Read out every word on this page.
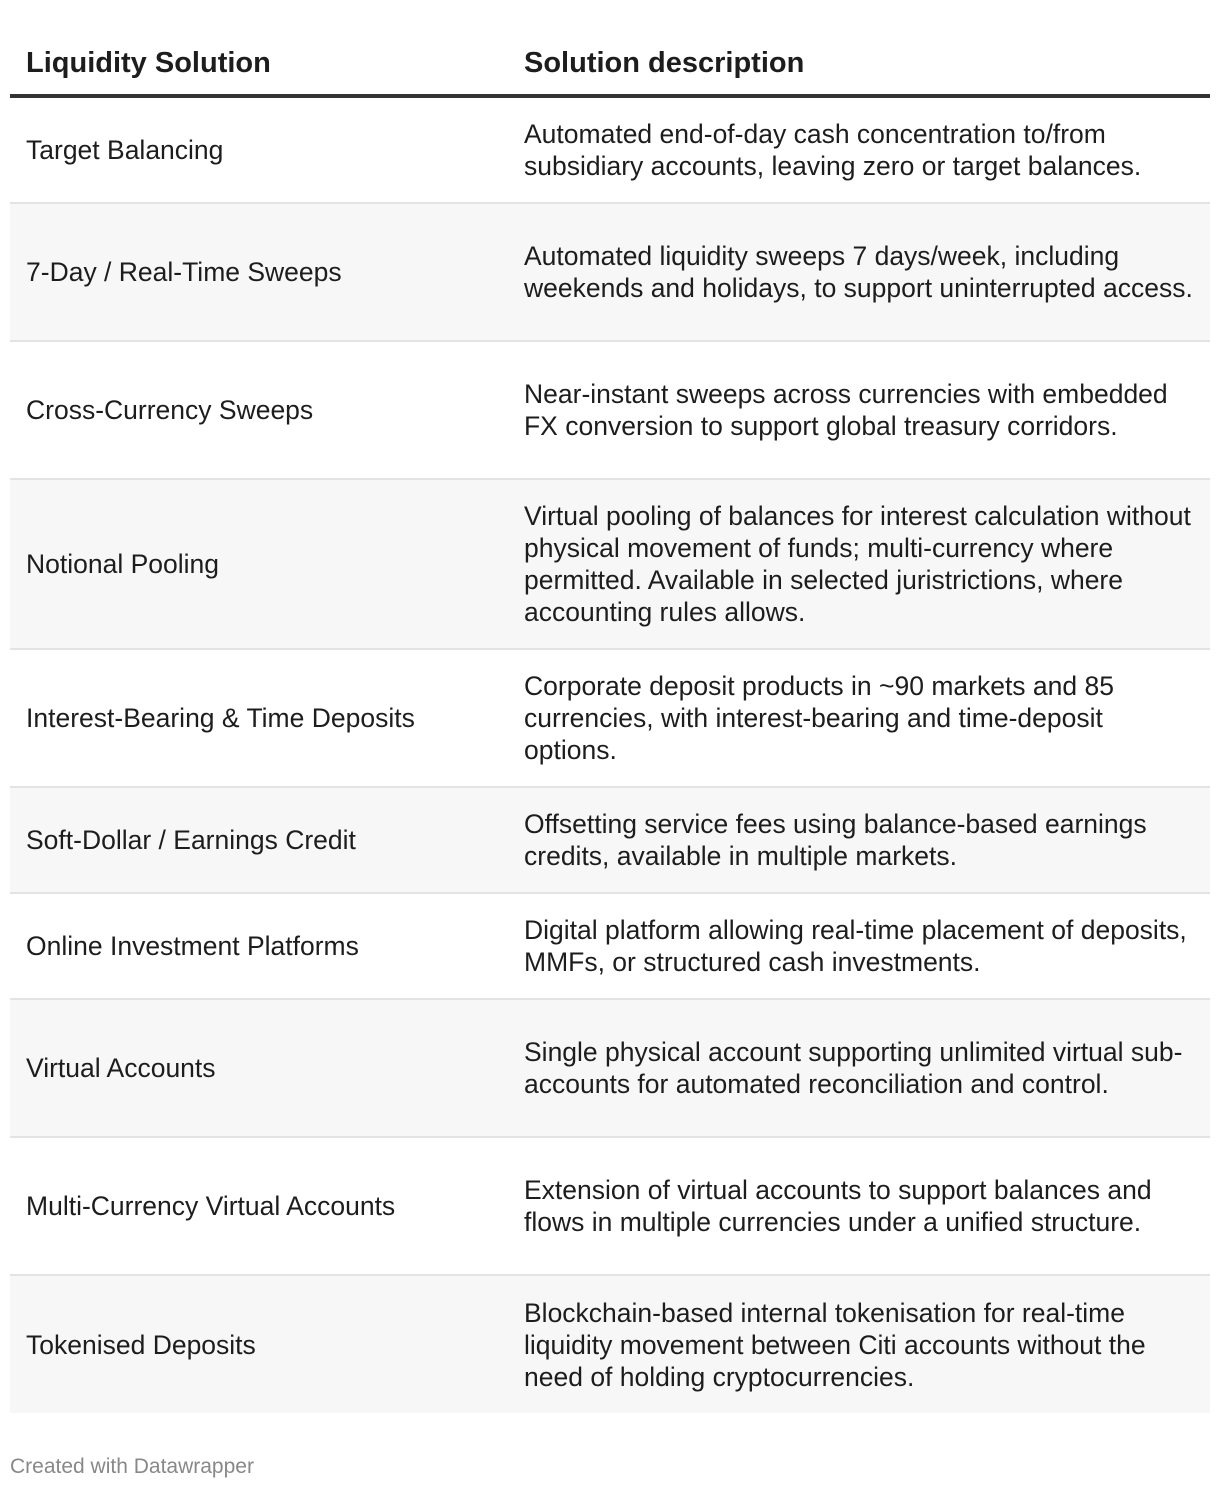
Liquidity Solution	Solution description
Target Balancing
Automated end-of-day cash concentration to/from subsidiary accounts, leaving zero or target balances.
7-Day / Real-Time Sweeps
Automated liquidity sweeps 7 days/week, including weekends and holidays, to support uninterrupted access.
Cross-Currency Sweeps
Near-instant sweeps across currencies with embedded FX conversion to support global treasury corridors.
Notional Pooling
Virtual pooling of balances for interest calculation without physical movement of funds; multi-currency where permitted. Available in selected juristrictions, where accounting rules allows.
Interest-Bearing & Time Deposits
Corporate deposit products in ~90 markets and 85 currencies, with interest-bearing and time-deposit options.
Soft-Dollar / Earnings Credit
Offsetting service fees using balance-based earnings credits, available in multiple markets.
Online Investment Platforms
Digital platform allowing real-time placement of deposits, MMFs, or structured cash investments.
Virtual Accounts
Single physical account supporting unlimited virtual sub-accounts for automated reconciliation and control.
Multi-Currency Virtual Accounts
Extension of virtual accounts to support balances and flows in multiple currencies under a unified structure.
Tokenised Deposits
Blockchain-based internal tokenisation for real-time liquidity movement between Citi accounts without the need of holding cryptocurrencies.
Created with Datawrapper
